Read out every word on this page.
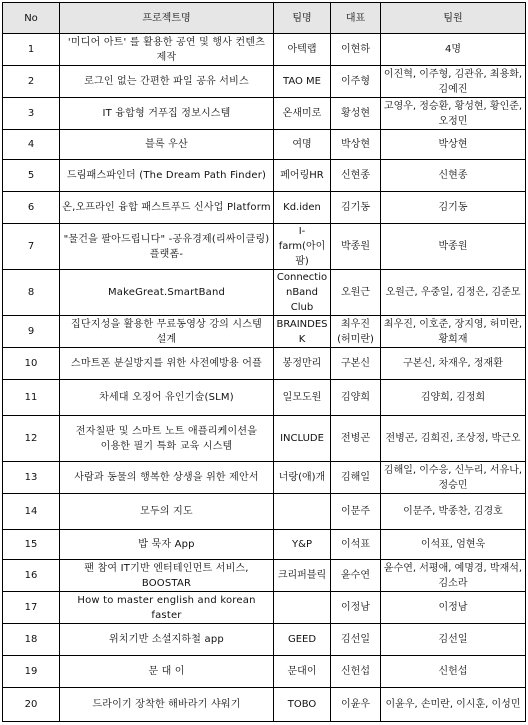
No	프로젝트명	팀명	대표	팀원
1	'미디어 아트' 를 활용한 공연 및 행사 컨텐츠 제작	아텍랩	이현하	4명
2	로그인 없는 간편한 파일 공유 서비스	TAO ME	이주형	이진혁, 이주형, 김관유, 최용화,김예진
3	IT 융합형 거푸집 정보시스템	온새미로	황성현	고영우, 정승환, 황성현, 황인준, 오정민
4	블록 우산	여명	박상현	박상현
5	드림패스파인더 (The Dream Path Finder)	페어링HR	신현종	신현종
6	온,오프라인 융합 패스트푸드 신사업 Platform	Kd.iden	김기동	김기동
7	"물건을 팔아드립니다" -공유경제(리싸이클링)플랫폼-	I-farm(아이팜)	박종원	박종원
8	MakeGreat.SmartBand	ConnectionBand Club	오원근	오원근, 우중일, 김정은, 김준모
9	집단지성을 활용한 무료동영상 강의 시스템 설계	BRAINDESK	최우진(허미란)	최우진, 이호준, 장지영, 허미란, 황희재
10	스마트폰 분실방지를 위한 사전예방용 어플	봉정만리	구본신	구본신, 차재우, 정재환
11	차세대 오징어 유인기술(SLM)	일모도원	김양희	김양희, 김정희
12	전자칠판 및 스마트 노트 애플리케이션을 이용한 필기 특화 교육 시스템	INCLUDE	전병곤	전병곤, 김희진, 조상정, 박근오
13	사람과 동물의 행복한 상생을 위한 제안서	너랑(애)개	김해일	김해일, 이수응, 신누리, 서유나, 정승민
14	모두의 지도		이문주	이문주, 박종찬, 김경호
15	밥 묵자 App	Y&P	이석표	이석표, 엄현욱
16	팬 참여 IT기반 엔터테인먼트 서비스, BOOSTAR	크리퍼블릭	윤수연	윤수연, 서평애, 예명경, 박재석, 김소라
17	How to master english and korean faster		이정남	이정남
18	위치기반 소셜지하철 app	GEED	김선일	김선일
19	문 대 이	문대이	신헌섭	신헌섭
20	드라이기 장착한 해바라기 샤워기	TOBO	이윤우	이윤우, 손미란, 이시훈, 이성민
